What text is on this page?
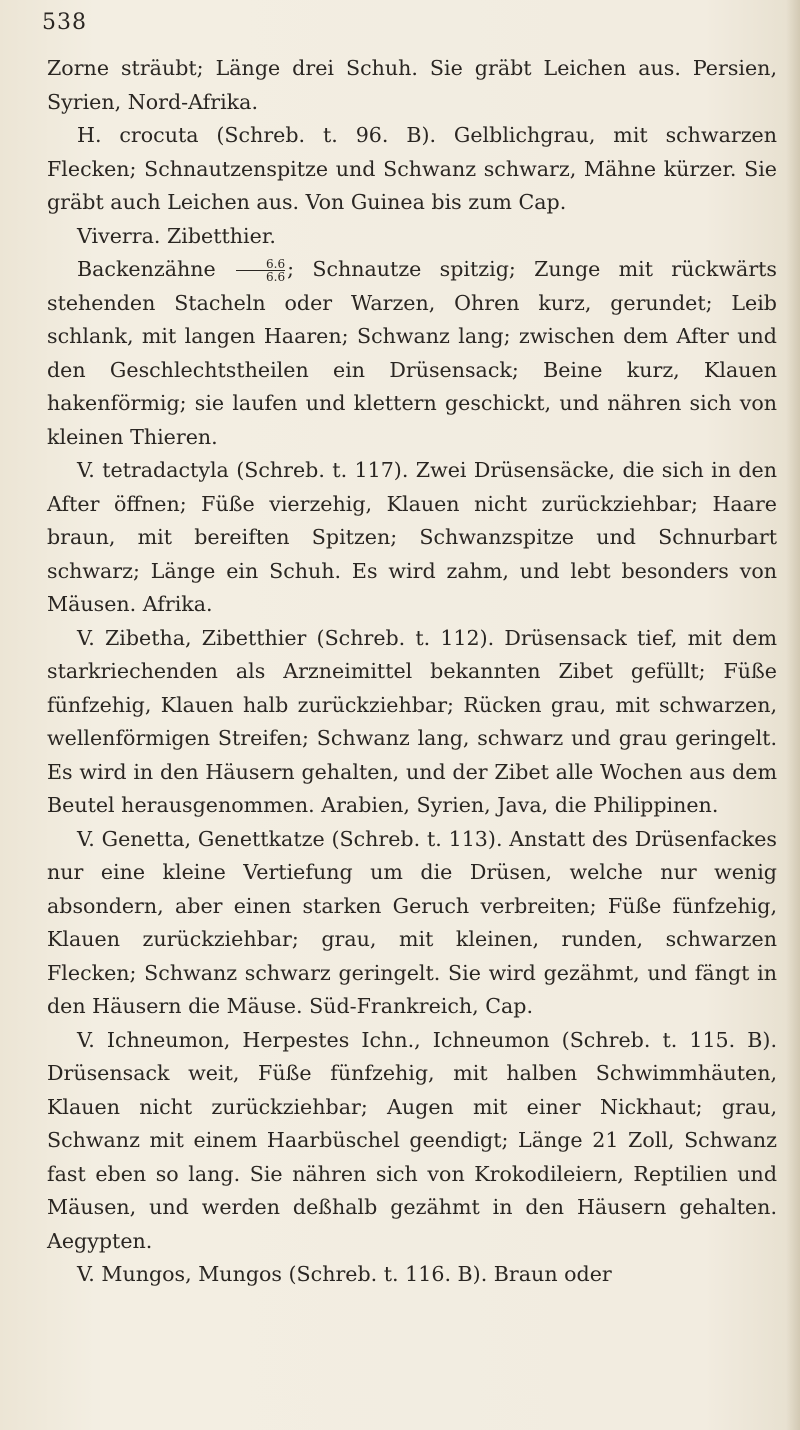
538

Zorne sträubt; Länge drei Schuh. Sie gräbt Leichen aus. Persien, Syrien, Nord-Afrika.

H. crocuta (Schreb. t. 96. B). Gelblichgrau, mit schwarzen Flecken; Schnautzenspitze und Schwanz schwarz, Mähne kürzer. Sie gräbt auch Leichen aus. Von Guinea bis zum Cap.

Viverra. Zibetthier.

Backenzähne $\frac{6.6}{6.6}$ ; Schnautze spitzig; Zunge mit rückwärts stehenden Stacheln oder Warzen, Ohren kurz, gerundet; Leib schlank, mit langen Haaren; Schwanz lang; zwischen dem After und den Geschlechtstheilen ein Drüsensack; Beine kurz, Klauen hakenförmig; sie laufen und klettern geschickt, und nähren sich von kleinen Thieren.

V. tetradactyla (Schreb. t. 117). Zwei Drüsensäcke, die sich in den After öffnen; Füße vierzehig, Klauen nicht zurückziehbar; Haare braun, mit bereiften Spitzen; Schwanzspitze und Schnurbart schwarz; Länge ein Schuh. Es wird zahm, und lebt besonders von Mäusen. Afrika.

V. Zibetha, Zibetthier (Schreb. t. 112). Drüsensack tief, mit dem starkriechenden als Arzneimittel bekannten Zibet gefüllt; Füße fünfzehig, Klauen halb zurückziehbar; Rücken grau, mit schwarzen, wellenförmigen Streifen; Schwanz lang, schwarz und grau geringelt. Es wird in den Häusern gehalten, und der Zibet alle Wochen aus dem Beutel herausgenommen. Arabien, Syrien, Java, die Philippinen.

V. Genetta, Genettkatze (Schreb. t. 113). Anstatt des Drüsenfackes nur eine kleine Vertiefung um die Drüsen, welche nur wenig absondern, aber einen starken Geruch verbreiten; Füße fünfzehig, Klauen zurückziehbar; grau, mit kleinen, runden, schwarzen Flecken; Schwanz schwarz geringelt. Sie wird gezähmt, und fängt in den Häusern die Mäuse. Süd-Frankreich, Cap.

V. Ichneumon, Herpestes Ichn., Ichneumon (Schreb. t. 115. B). Drüsensack weit, Füße fünfzehig, mit halben Schwimmhäuten, Klauen nicht zurückziehbar; Augen mit einer Nickhaut; grau, Schwanz mit einem Haarbüschel geendigt; Länge 21 Zoll, Schwanz fast eben so lang. Sie nähren sich von Krokodileiern, Reptilien und Mäusen, und werden deßhalb gezähmt in den Häusern gehalten. Aegypten.

V. Mungos, Mungos (Schreb. t. 116. B). Braun oder
